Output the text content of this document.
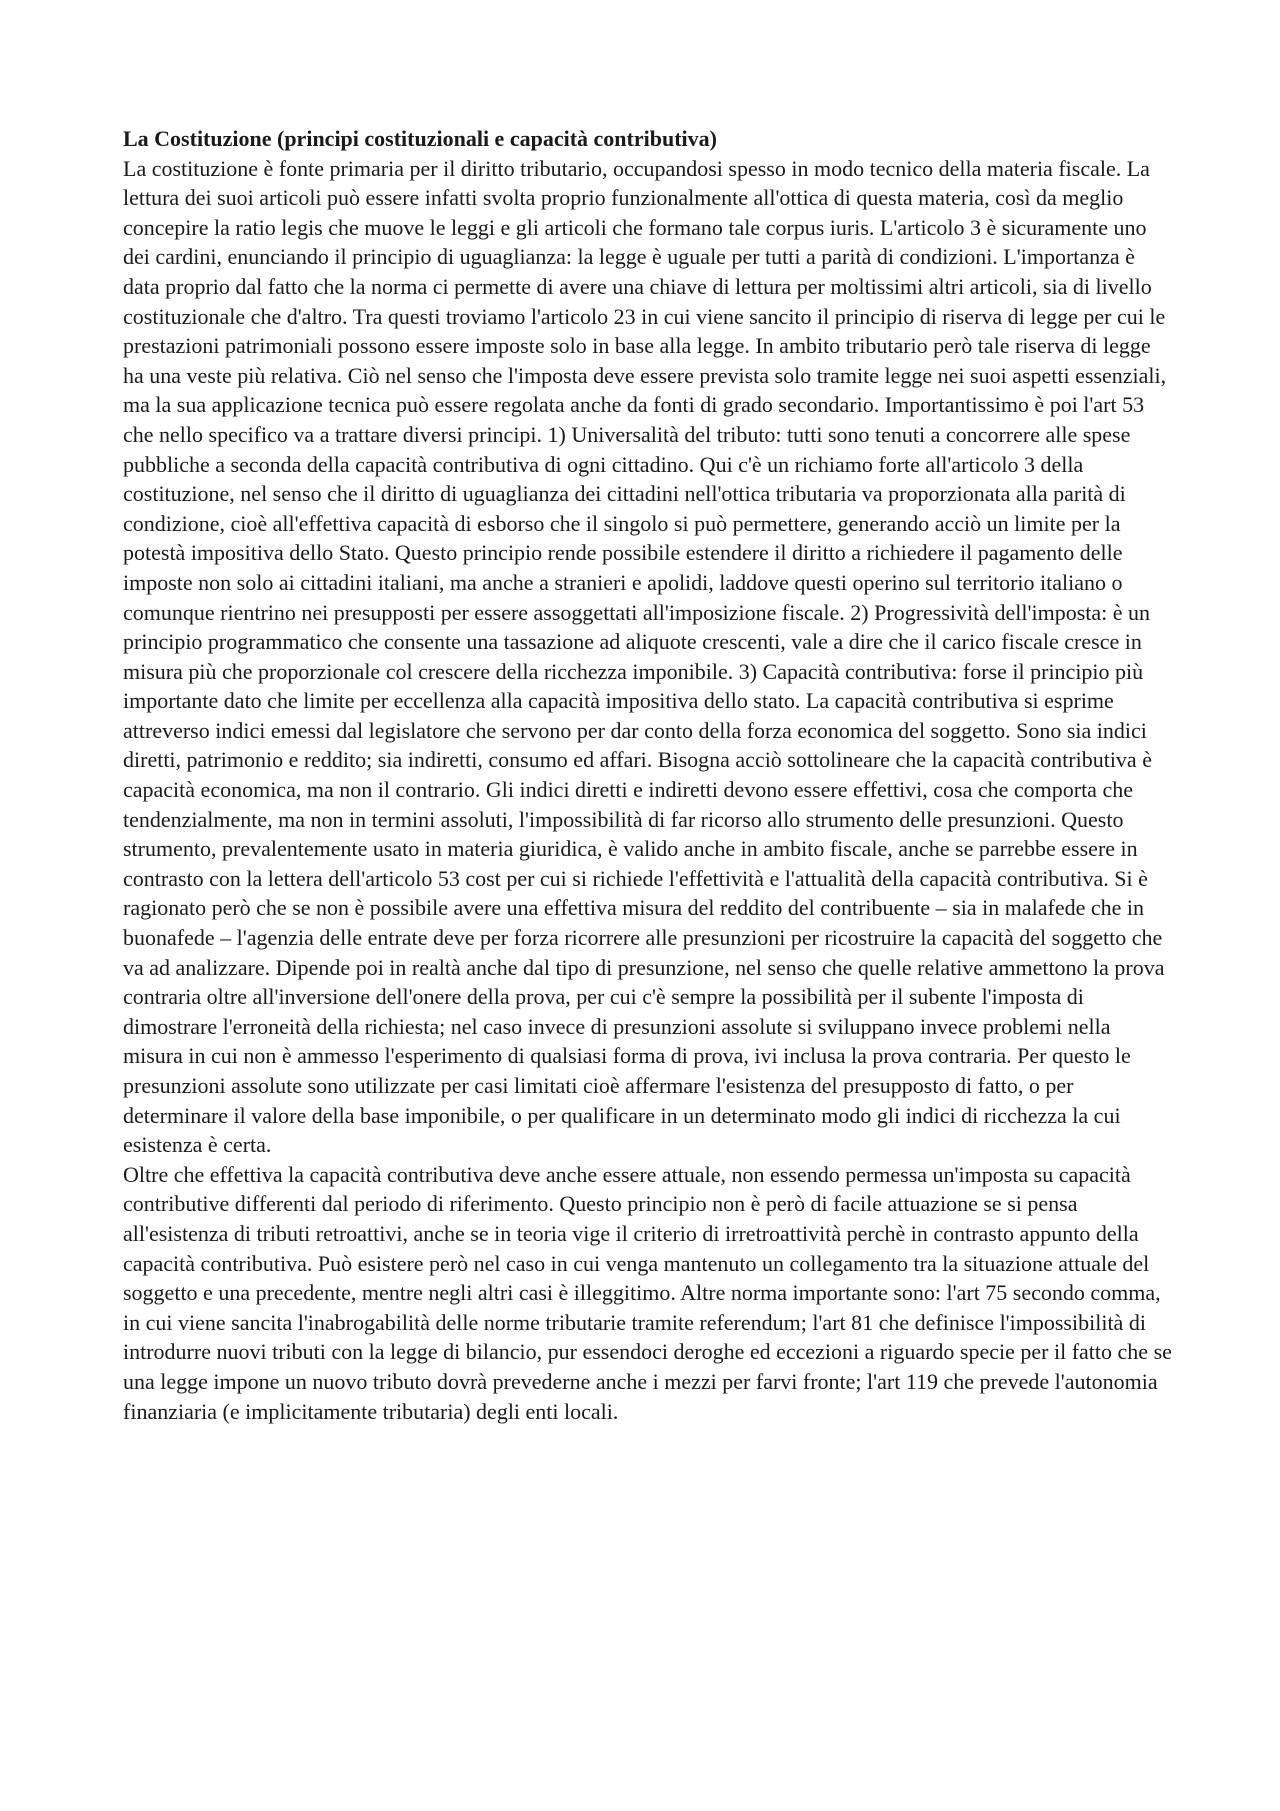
La Costituzione (principi costituzionali e capacità contributiva)

La costituzione è fonte primaria per il diritto tributario, occupandosi spesso in modo tecnico della materia fiscale. La lettura dei suoi articoli può essere infatti svolta proprio funzionalmente all'ottica di questa materia, così da meglio concepire la ratio legis che muove le leggi e gli articoli che formano tale corpus iuris. L'articolo 3 è sicuramente uno dei cardini, enunciando il principio di uguaglianza: la legge è uguale per tutti a parità di condizioni. L'importanza è data proprio dal fatto che la norma ci permette di avere una chiave di lettura per moltissimi altri articoli, sia di livello costituzionale che d'altro. Tra questi troviamo l'articolo 23 in cui viene sancito il principio di riserva di legge per cui le prestazioni patrimoniali possono essere imposte solo in base alla legge. In ambito tributario però tale riserva di legge ha una veste più relativa. Ciò nel senso che l'imposta deve essere prevista solo tramite legge nei suoi aspetti essenziali, ma la sua applicazione tecnica può essere regolata anche da fonti di grado secondario. Importantissimo è poi l'art 53 che nello specifico va a trattare diversi principi. 1) Universalità del tributo: tutti sono tenuti a concorrere alle spese pubbliche a seconda della capacità contributiva di ogni cittadino. Qui c'è un richiamo forte all'articolo 3 della costituzione, nel senso che il diritto di uguaglianza dei cittadini nell'ottica tributaria va proporzionata alla parità di condizione, cioè all'effettiva capacità di esborso che il singolo si può permettere, generando acciò un limite per la potestà impositiva dello Stato. Questo principio rende possibile estendere il diritto a richiedere il pagamento delle imposte non solo ai cittadini italiani, ma anche a stranieri e apolidi, laddove questi operino sul territorio italiano o comunque rientrino nei presupposti per essere assoggettati all'imposizione fiscale. 2) Progressività dell'imposta: è un principio programmatico che consente una tassazione ad aliquote crescenti, vale a dire che il carico fiscale cresce in misura più che proporzionale col crescere della ricchezza imponibile. 3) Capacità contributiva: forse il principio più importante dato che limite per eccellenza alla capacità impositiva dello stato. La capacità contributiva si esprime attreverso indici emessi dal legislatore che servono per dar conto della forza economica del soggetto. Sono sia indici diretti, patrimonio e reddito; sia indiretti, consumo ed affari. Bisogna acciò sottolineare che la capacità contributiva è capacità economica, ma non il contrario. Gli indici diretti e indiretti devono essere effettivi, cosa che comporta che tendenzialmente, ma non in termini assoluti, l'impossibilità di far ricorso allo strumento delle presunzioni. Questo strumento, prevalentemente usato in materia giuridica, è valido anche in ambito fiscale, anche se parrebbe essere in contrasto con la lettera dell'articolo 53 cost per cui si richiede l'effettività e l'attualità della capacità contributiva. Si è ragionato però che se non è possibile avere una effettiva misura del reddito del contribuente – sia in malafede che in buonafede – l'agenzia delle entrate deve per forza ricorrere alle presunzioni per ricostruire la capacità del soggetto che va ad analizzare. Dipende poi in realtà anche dal tipo di presunzione, nel senso che quelle relative ammettono la prova contraria oltre all'inversione dell'onere della prova, per cui c'è sempre la possibilità per il subente l'imposta di dimostrare l'erroneità della richiesta; nel caso invece di presunzioni assolute si sviluppano invece problemi nella misura in cui non è ammesso l'esperimento di qualsiasi forma di prova, ivi inclusa la prova contraria. Per questo le presunzioni assolute sono utilizzate per casi limitati cioè affermare l'esistenza del presupposto di fatto, o per determinare il valore della base imponibile, o per qualificare in un determinato modo gli indici di ricchezza la cui esistenza è certa.

Oltre che effettiva la capacità contributiva deve anche essere attuale, non essendo permessa un'imposta su capacità contributive differenti dal periodo di riferimento. Questo principio non è però di facile attuazione se si pensa all'esistenza di tributi retroattivi, anche se in teoria vige il criterio di irretroattività perchè in contrasto appunto della capacità contributiva. Può esistere però nel caso in cui venga mantenuto un collegamento tra la situazione attuale del soggetto e una precedente, mentre negli altri casi è illeggitimo. Altre norma importante sono: l'art 75 secondo comma, in cui viene sancita l'inabrogabilità delle norme tributarie tramite referendum; l'art 81 che definisce l'impossibilità di introdurre nuovi tributi con la legge di bilancio, pur essendoci deroghe ed eccezioni a riguardo specie per il fatto che se una legge impone un nuovo tributo dovrà prevederne anche i mezzi per farvi fronte; l'art 119 che prevede l'autonomia finanziaria (e implicitamente tributaria) degli enti locali.
